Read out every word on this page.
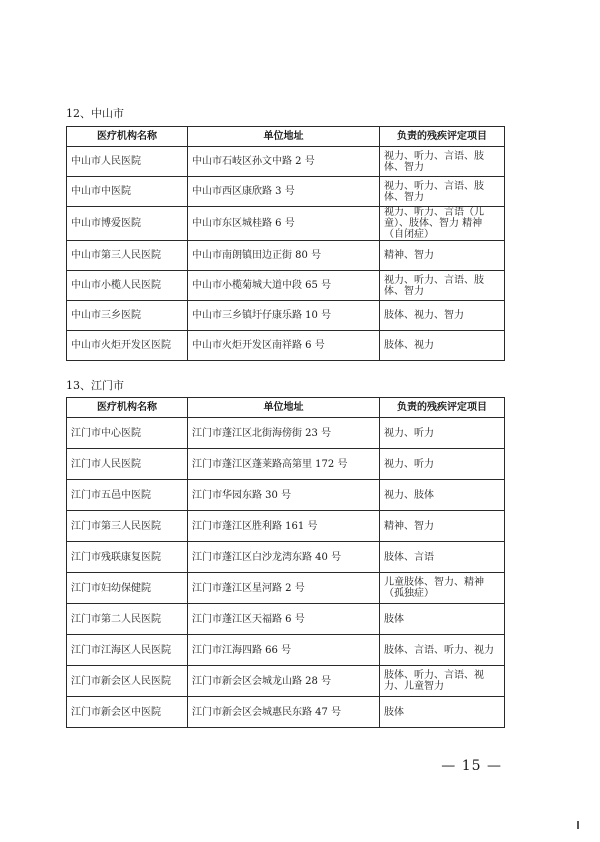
12、中山市
医疗机构名称	单位地址	负责的残疾评定项目
中山市人民医院	中山市石岐区孙文中路 2 号	视力、听力、言语、肢体、智力
中山市中医院	中山市西区康欣路 3 号	视力、听力、言语、肢体、智力
中山市博爱医院	中山市东区城桂路 6 号	视力、听力、言语（儿童）、肢体、智力 精神（自闭症）
中山市第三人民医院	中山市南朗镇田边正街 80 号	精神、智力
中山市小榄人民医院	中山市小榄菊城大道中段 65 号	视力、听力、言语、肢体、智力
中山市三乡医院	中山市三乡镇圩仔康乐路 10 号	肢体、视力、智力
中山市火炬开发区医院	中山市火炬开发区南祥路 6 号	肢体、视力
13、江门市
医疗机构名称	单位地址	负责的残疾评定项目
江门市中心医院	江门市蓬江区北街海傍街 23 号	视力、听力
江门市人民医院	江门市蓬江区蓬莱路高第里 172 号	视力、听力
江门市五邑中医院	江门市华园东路 30 号	视力、肢体
江门市第三人民医院	江门市蓬江区胜利路 161 号	精神、智力
江门市残联康复医院	江门市蓬江区白沙龙湾东路 40 号	肢体、言语
江门市妇幼保健院	江门市蓬江区星河路 2 号	儿童肢体、智力、精神（孤独症）
江门市第二人民医院	江门市蓬江区天福路 6 号	肢体
江门市江海区人民医院	江门市江海四路 66 号	肢体、言语、听力、视力
江门市新会区人民医院	江门市新会区会城龙山路 28 号	肢体、听力、言语、视力、儿童智力
江门市新会区中医院	江门市新会区会城惠民东路 47 号	肢体
— 15 —
